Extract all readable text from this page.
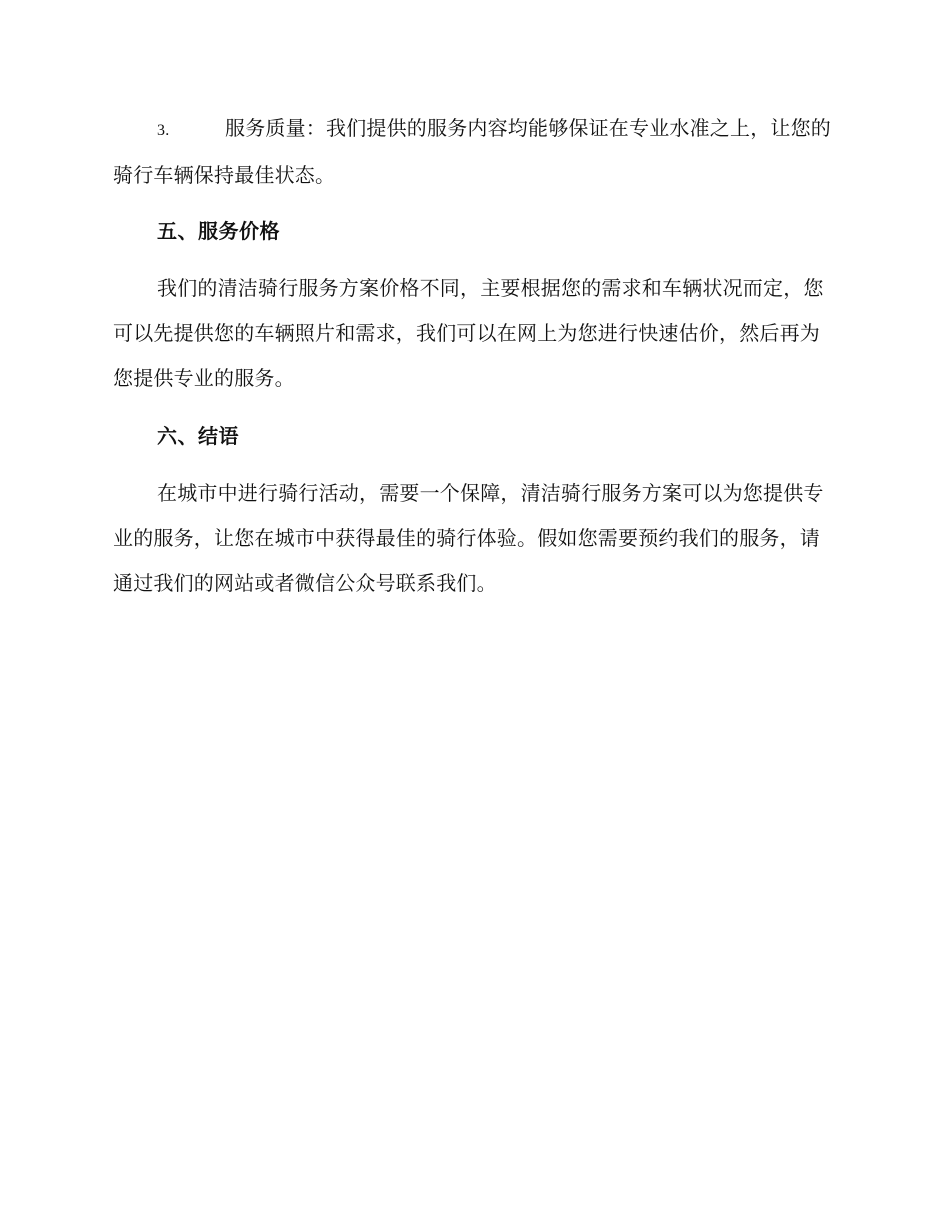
3.	服务质量：我们提供的服务内容均能够保证在专业水准之上，让您的骑行车辆保持最佳状态。
五、服务价格
我们的清洁骑行服务方案价格不同，主要根据您的需求和车辆状况而定，您可以先提供您的车辆照片和需求，我们可以在网上为您进行快速估价，然后再为您提供专业的服务。
六、结语
在城市中进行骑行活动，需要一个保障，清洁骑行服务方案可以为您提供专业的服务，让您在城市中获得最佳的骑行体验。假如您需要预约我们的服务，请通过我们的网站或者微信公众号联系我们。
